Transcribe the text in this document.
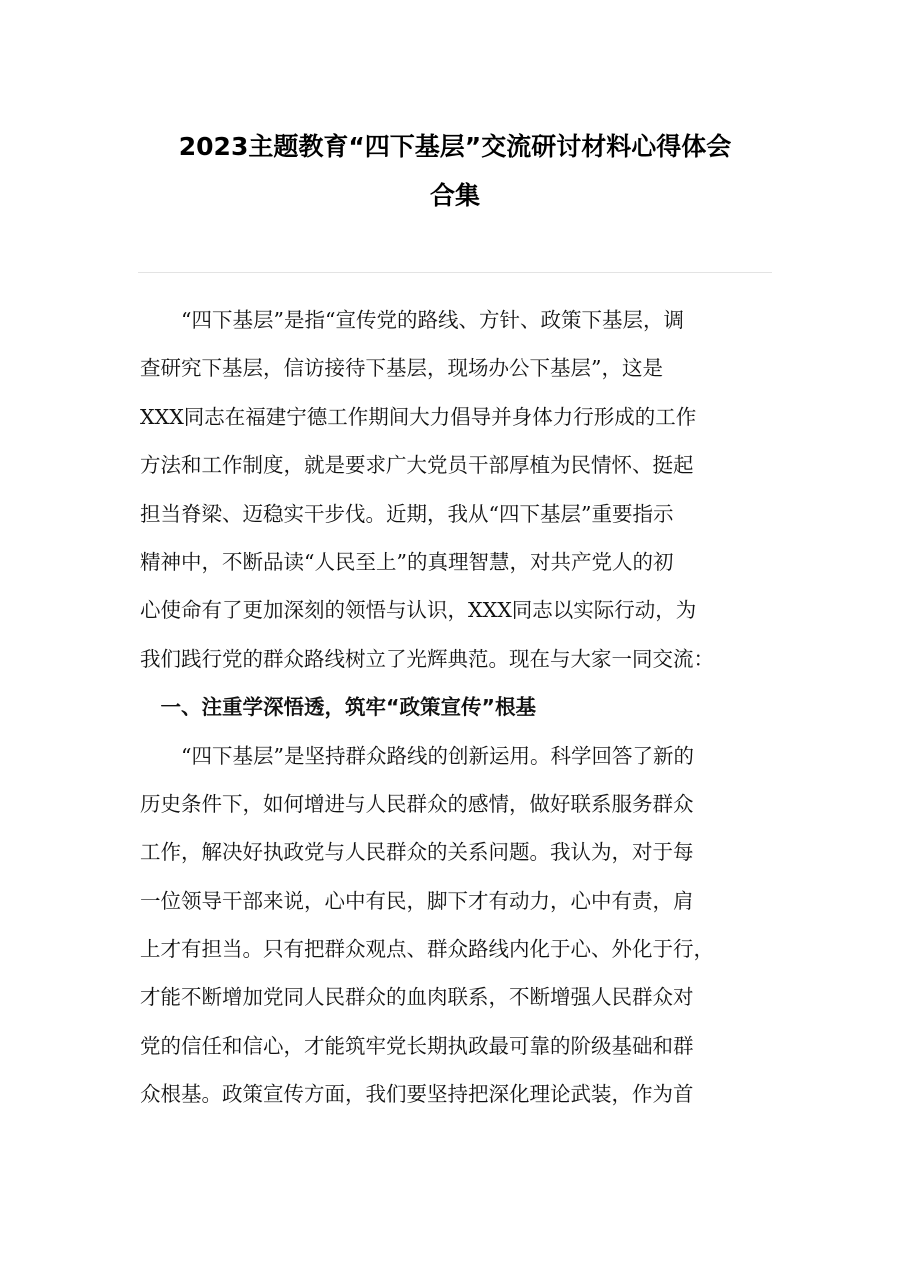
2023主题教育“四下基层”交流研讨材料心得体会
合集
　　“四下基层”是指“宣传党的路线、方针、政策下基层，调
查研究下基层，信访接待下基层，现场办公下基层”，这是
XXX同志在福建宁德工作期间大力倡导并身体力行形成的工作
方法和工作制度，就是要求广大党员干部厚植为民情怀、挺起
担当脊梁、迈稳实干步伐。近期，我从“四下基层”重要指示
精神中，不断品读“人民至上”的真理智慧，对共产党人的初
心使命有了更加深刻的领悟与认识，XXX同志以实际行动，为
我们践行党的群众路线树立了光辉典范。现在与大家一同交流：
　一、注重学深悟透，筑牢“政策宣传”根基
　　“四下基层”是坚持群众路线的创新运用。科学回答了新的
历史条件下，如何增进与人民群众的感情，做好联系服务群众
工作，解决好执政党与人民群众的关系问题。我认为，对于每
一位领导干部来说，心中有民，脚下才有动力，心中有责，肩
上才有担当。只有把群众观点、群众路线内化于心、外化于行，
才能不断增加党同人民群众的血肉联系，不断增强人民群众对
党的信任和信心，才能筑牢党长期执政最可靠的阶级基础和群
众根基。政策宣传方面，我们要坚持把深化理论武装，作为首
